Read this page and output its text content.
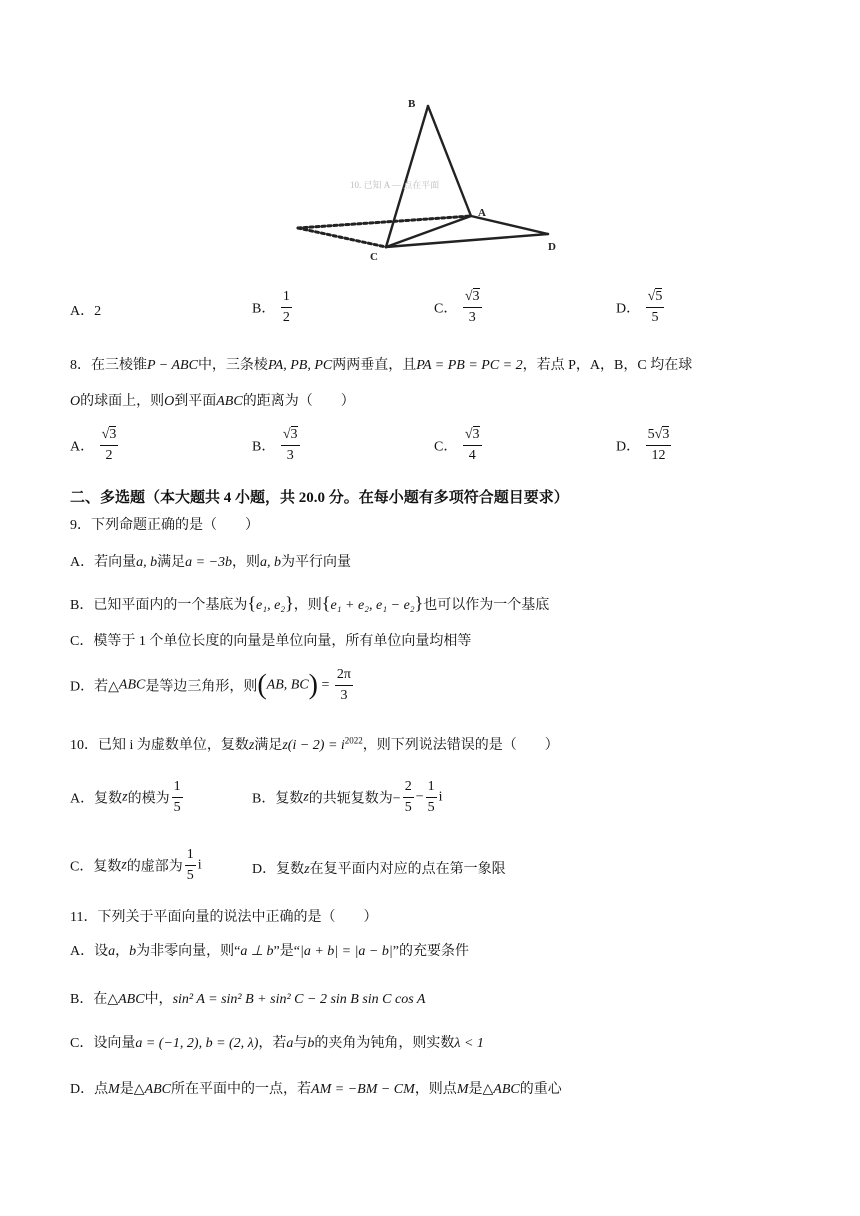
B
A
C
D
10. 已知 A — 点在平面
A．2	B． $\frac{1}{2}$	C． $\frac{√3}{3}$	D． $\frac{√5}{5}$
8．在三棱锥P − ABC中，三条棱PA, PB, PC两两垂直，且PA = PB = PC = 2，若点 P，A，B，C 均在球
O的球面上，则O到平面ABC的距离为（　　）
A． $\frac{√3}{2}$	B． $\frac{√3}{3}$	C． $\frac{√3}{4}$	D． $\frac{5√3}{12}$
二、多选题（本大题共 4 小题，共 20.0 分。在每小题有多项符合题目要求）
9．下列命题正确的是（　　）
A．若向量a, b满足a = −3b，则a, b为平行向量
B．已知平面内的一个基底为{e₁, e₂}，则{e₁ + e₂, e₁ − e₂}也可以作为一个基底
C．模等于 1 个单位长度的向量是单位向量，所有单位向量均相等
D．若△ABC是等边三角形，则(AB, $BC) = \frac{2\pi}{3}$
10．已知 i 为虚数单位，复数z满足$z(i - 2) = i^{2022}$，则下列说法错误的是（　　）
A．复数z的模为 $\frac{1}{5}$	B．复数z的共轭复数为− $\frac{2}{5} - \frac{1}{5}$ i
C．复数z的虚部为 $\frac{1}{5}$ i	D．复数z在复平面内对应的点在第一象限
11．下列关于平面向量的说法中正确的是（　　）
A．设a，b为非零向量，则“a ⊥ b”是“|a + b| = |a − b|”的充要条件
B．在△ABC中，sin² A = sin² B + sin² C − 2 sin B sin C cos A
C．设向量a = (−1, 2), b = (2, λ)，若a与b的夹角为钝角，则实数λ < 1
D．点M是△ABC所在平面中的一点，若AM = −BM − CM，则点M是△ABC的重心
